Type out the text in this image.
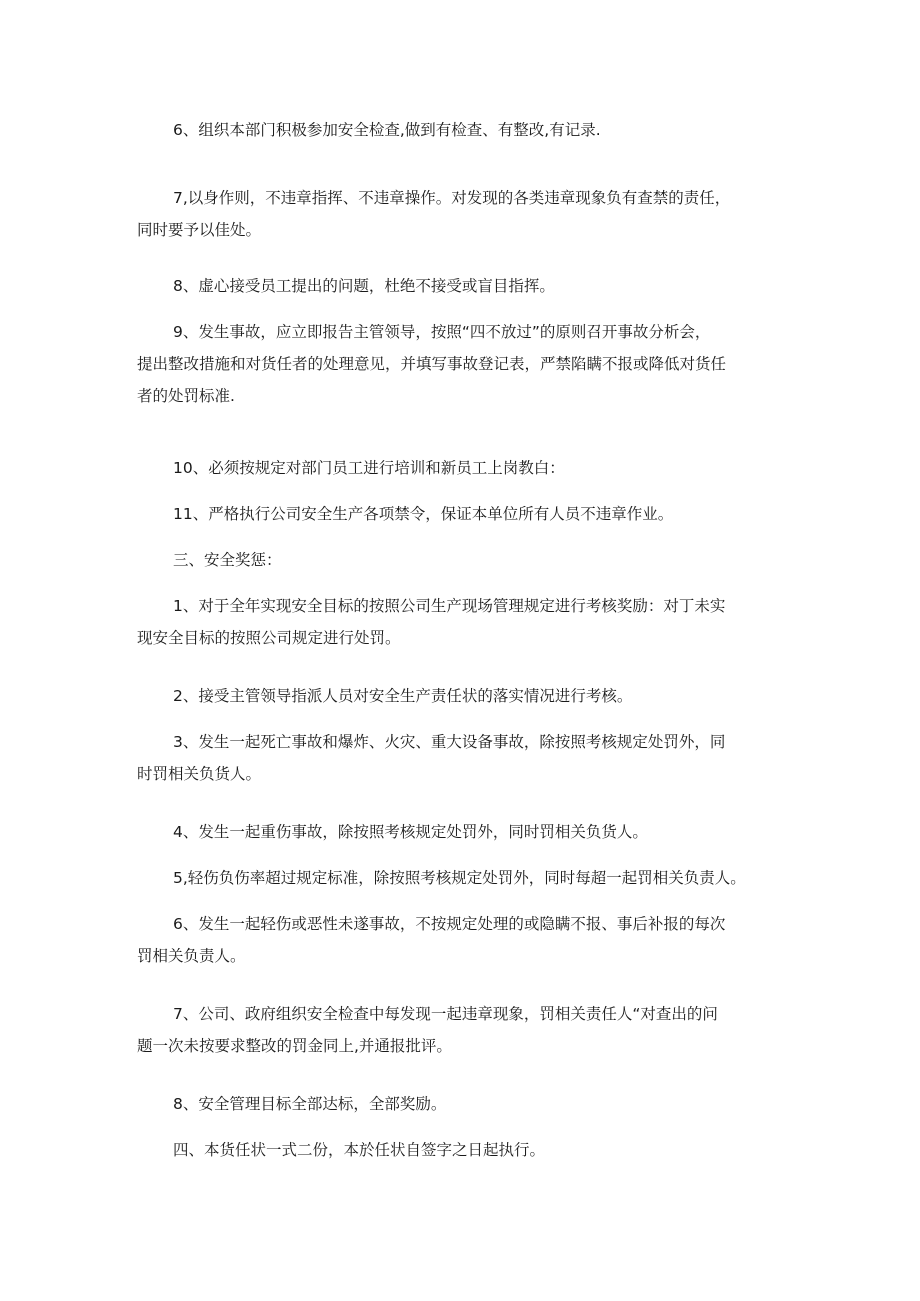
6、组织本部门积极参加安全检查,做到有检查、有整改,有记录.

7,以身作则，不违章指挥、不违章操作。对发现的各类违章现象负有查禁的责任，
同时要予以佳处。

8、虚心接受员工提出的问题，杜绝不接受或盲目指挥。

9、发生事故，应立即报告主管领导，按照“四不放过”的原则召开事故分析会，
提出整改措施和对货任者的处理意见，并填写事故登记表，严禁陷瞒不报或降低对货任
者的处罚标准.

10、必须按规定对部门员工进行培训和新员工上岗教白：

11、严格执行公司安全生产各项禁令，保证本单位所有人员不违章作业。

三、安全奖惩：

1、对于全年实现安全目标的按照公司生产现场管理规定进行考核奖励：对丁未实
现安全目标的按照公司规定进行处罚。

2、接受主管领导指派人员对安全生产责任状的落实情况进行考核。

3、发生一起死亡事故和爆炸、火灾、重大设备事故，除按照考核规定处罚外，同
时罚相关负货人。

4、发生一起重伤事故，除按照考核规定处罚外，同时罚相关负货人。

5,轻伤负伤率超过规定标准，除按照考核规定处罚外，同时每超一起罚相关负责人。

6、发生一起轻伤或恶性未遂事故，不按规定处理的或隐瞒不报、事后补报的每次
罚相关负责人。

7、公司、政府组织安全检查中每发现一起违章现象，罚相关责任人“对查出的问
题一次未按要求整改的罚金同上,并通报批评。

8、安全管理目标全部达标，全部奖励。

四、本货任状一式二份，本於任状自签字之日起执行。
